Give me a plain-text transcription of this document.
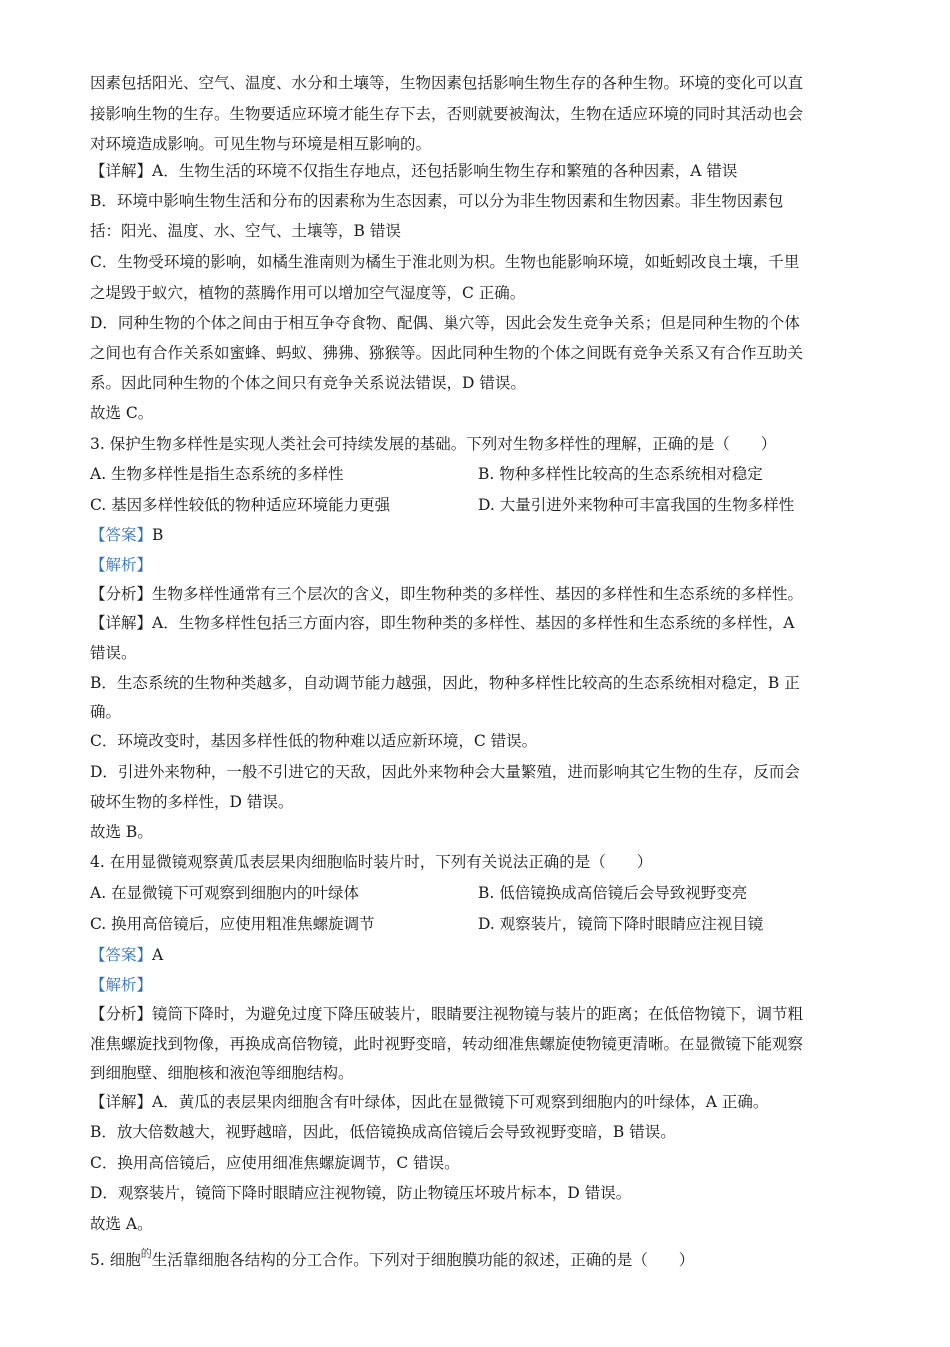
因素包括阳光、空气、温度、水分和土壤等，生物因素包括影响生物生存的各种生物。环境的变化可以直
接影响生物的生存。生物要适应环境才能生存下去，否则就要被淘汰，生物在适应环境的同时其活动也会
对环境造成影响。可见生物与环境是相互影响的。
【详解】A．生物生活的环境不仅指生存地点，还包括影响生物生存和繁殖的各种因素，A 错误
B．环境中影响生物生活和分布的因素称为生态因素，可以分为非生物因素和生物因素。非生物因素包
括：阳光、温度、水、空气、土壤等，B 错误
C．生物受环境的影响，如橘生淮南则为橘生于淮北则为枳。生物也能影响环境，如蚯蚓改良土壤，千里
之堤毁于蚁穴，植物的蒸腾作用可以增加空气湿度等，C 正确。
D．同种生物的个体之间由于相互争夺食物、配偶、巢穴等，因此会发生竞争关系；但是同种生物的个体
之间也有合作关系如蜜蜂、蚂蚁、狒狒、猕猴等。因此同种生物的个体之间既有竞争关系又有合作互助关
系。因此同种生物的个体之间只有竞争关系说法错误，D 错误。
故选 C。
3. 保护生物多样性是实现人类社会可持续发展的基础。下列对生物多样性的理解，正确的是（　　）
A. 生物多样性是指生态系统的多样性	B. 物种多样性比较高的生态系统相对稳定
C. 基因多样性较低的物种适应环境能力更强	D. 大量引进外来物种可丰富我国的生物多样性
【答案】B
【解析】
【分析】生物多样性通常有三个层次的含义，即生物种类的多样性、基因的多样性和生态系统的多样性。
【详解】A．生物多样性包括三方面内容，即生物种类的多样性、基因的多样性和生态系统的多样性，A
错误。
B．生态系统的生物种类越多，自动调节能力越强，因此，物种多样性比较高的生态系统相对稳定，B 正
确。
C．环境改变时，基因多样性低的物种难以适应新环境，C 错误。
D．引进外来物种，一般不引进它的天敌，因此外来物种会大量繁殖，进而影响其它生物的生存，反而会
破坏生物的多样性，D 错误。
故选 B。
4. 在用显微镜观察黄瓜表层果肉细胞临时装片时，下列有关说法正确的是（　　）
A. 在显微镜下可观察到细胞内的叶绿体	B. 低倍镜换成高倍镜后会导致视野变亮
C. 换用高倍镜后，应使用粗准焦螺旋调节	D. 观察装片，镜筒下降时眼睛应注视目镜
【答案】A
【解析】
【分析】镜筒下降时，为避免过度下降压破装片，眼睛要注视物镜与装片的距离；在低倍物镜下，调节粗
准焦螺旋找到物像，再换成高倍物镜，此时视野变暗，转动细准焦螺旋使物镜更清晰。在显微镜下能观察
到细胞壁、细胞核和液泡等细胞结构。
【详解】A．黄瓜的表层果肉细胞含有叶绿体，因此在显微镜下可观察到细胞内的叶绿体，A 正确。
B．放大倍数越大，视野越暗，因此，低倍镜换成高倍镜后会导致视野变暗，B 错误。
C．换用高倍镜后，应使用细准焦螺旋调节，C 错误。
D．观察装片，镜筒下降时眼睛应注视物镜，防止物镜压坏玻片标本，D 错误。
故选 A。
5. 细胞$^的$生活靠细胞各结构的分工合作。下列对于细胞膜功能的叙述，正确的是（　　）
